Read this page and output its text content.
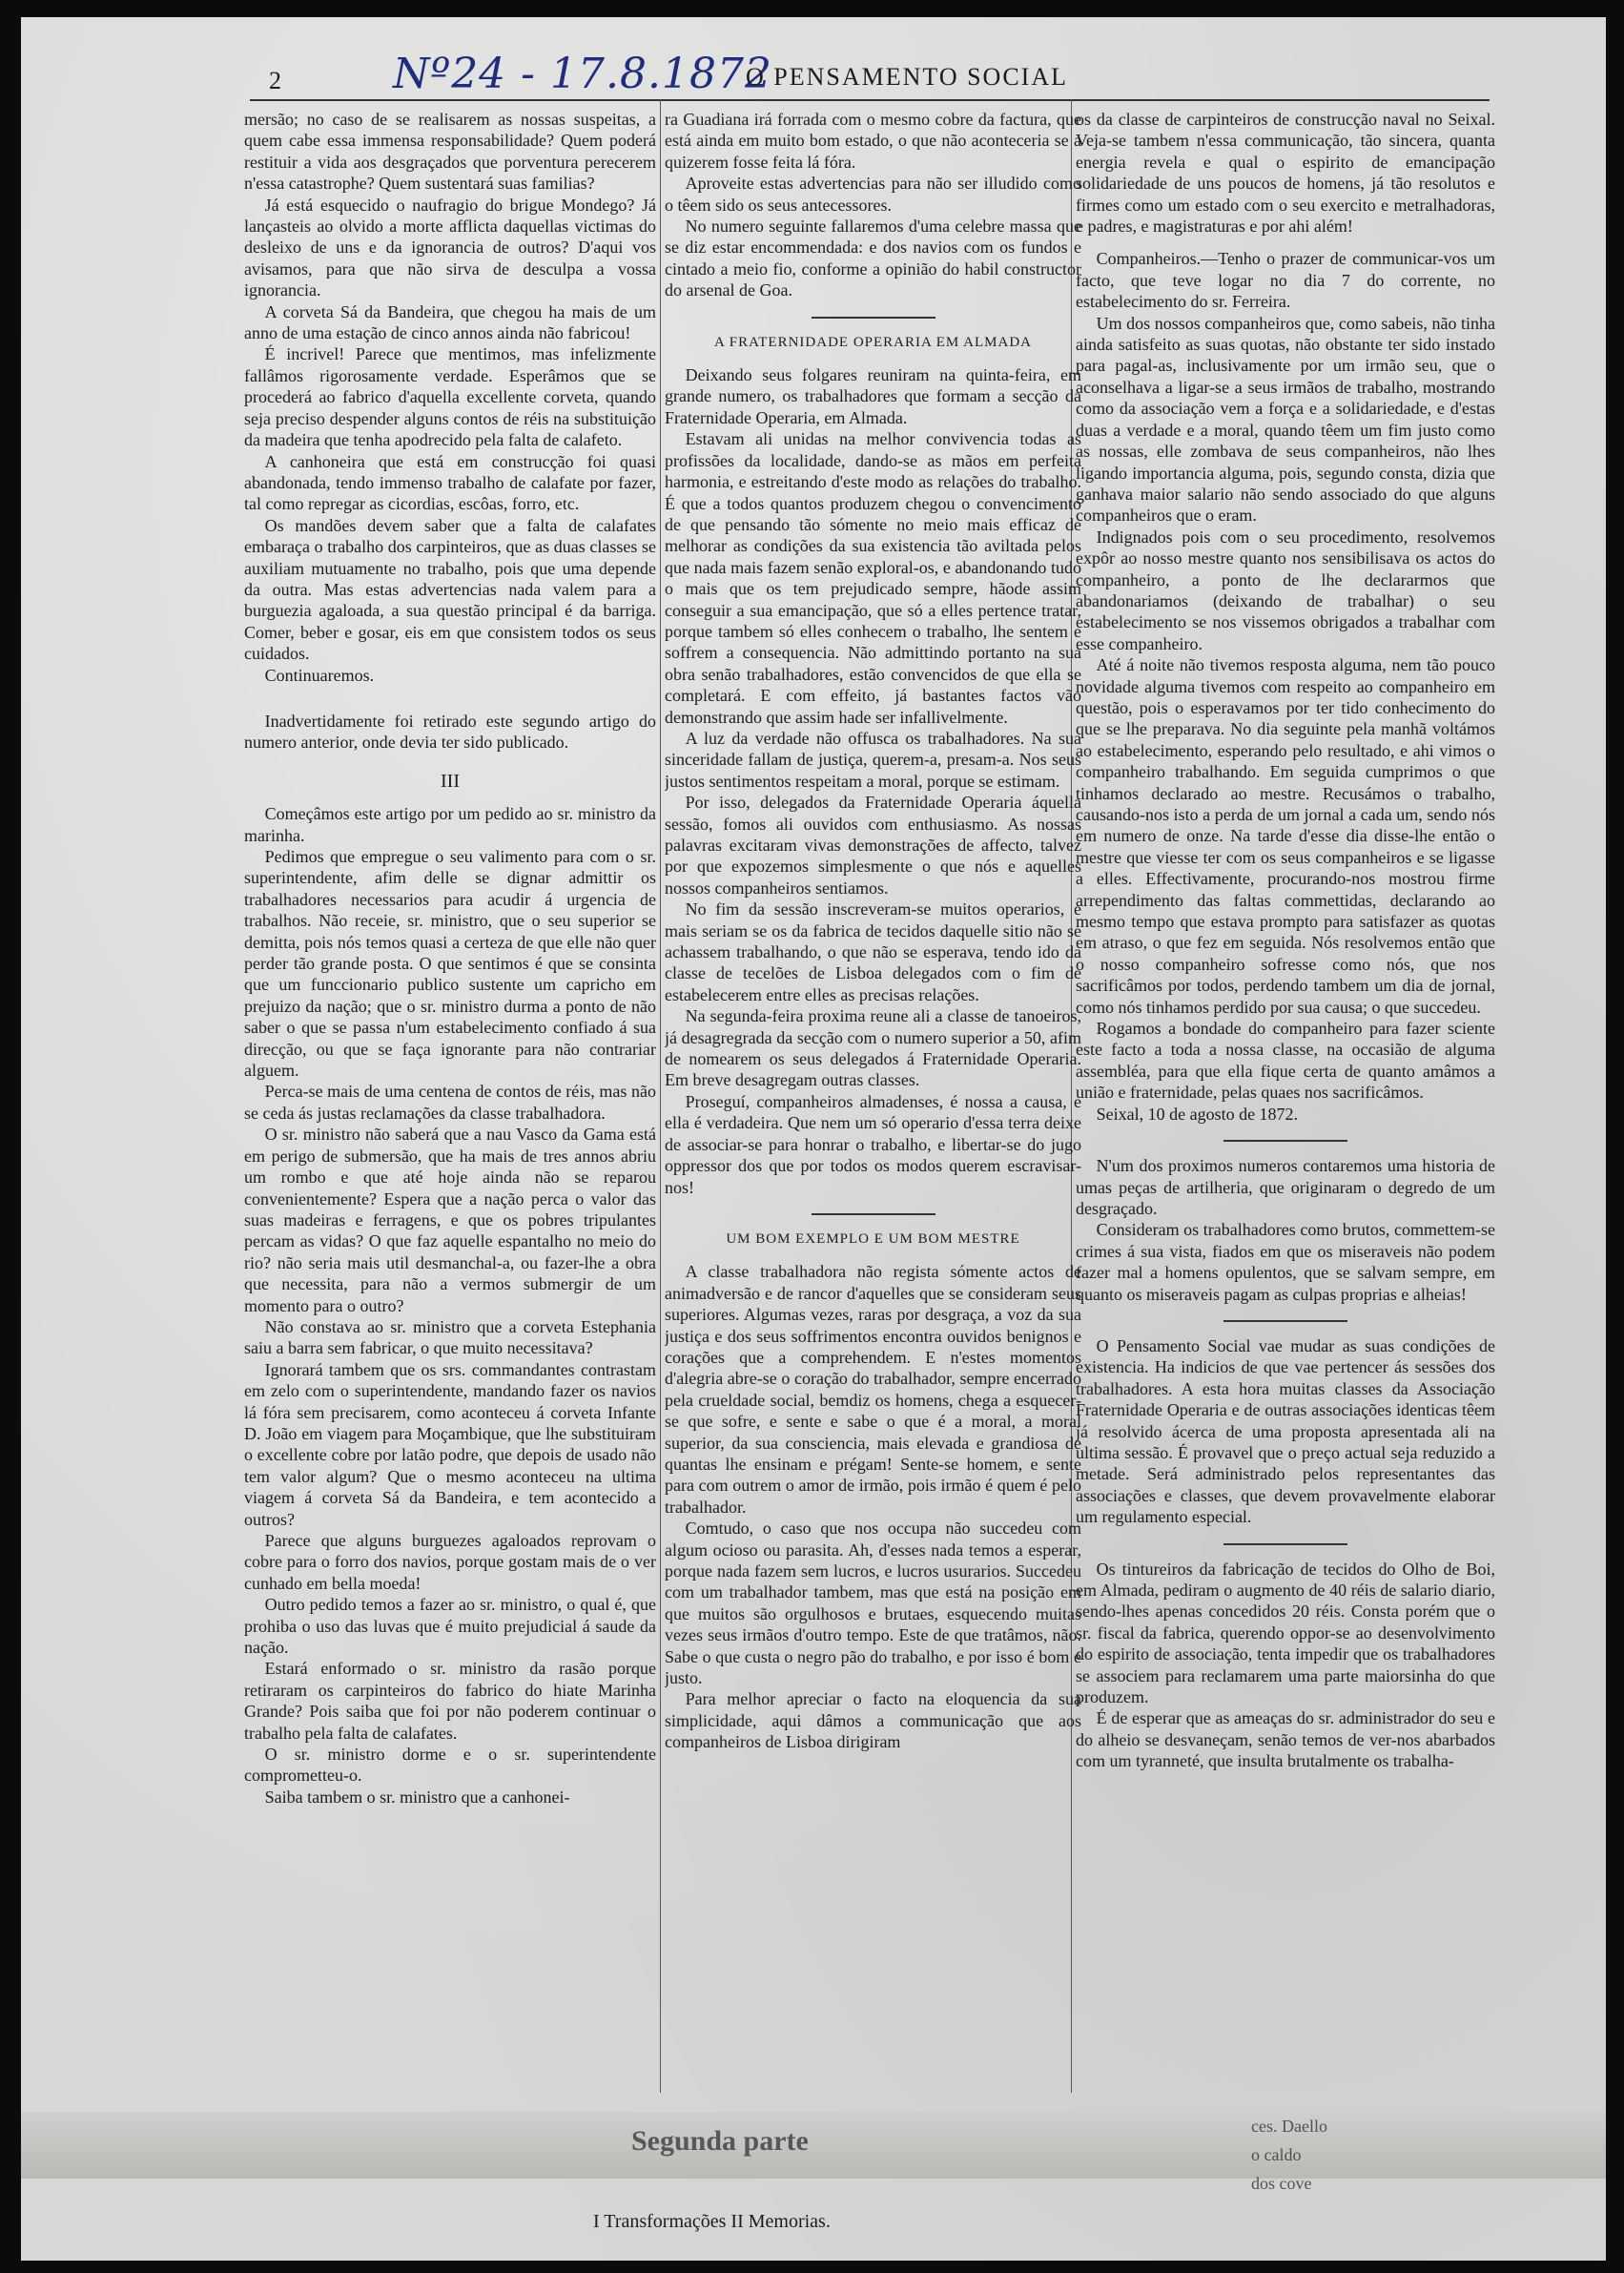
2	Nº24 - 17.8.1872
O PENSAMENTO SOCIAL

mersão; no caso de se realisarem as nossas suspeitas, a quem cabe essa immensa responsabilidade? Quem poderá restituir a vida aos desgraçados que porventura perecerem n'essa catastrophe? Quem sustentará suas familias?

Já está esquecido o naufragio do brigue Mondego? Já lançasteis ao olvido a morte afflicta daquellas victimas do desleixo de uns e da ignorancia de outros? D'aqui vos avisamos, para que não sirva de desculpa a vossa ignorancia.

A corveta Sá da Bandeira, que chegou ha mais de um anno de uma estação de cinco annos ainda não fabricou!

É incrivel! Parece que mentimos, mas infelizmente fallâmos rigorosamente verdade. Esperâmos que se procederá ao fabrico d'aquella excellente corveta, quando seja preciso despender alguns contos de réis na substituição da madeira que tenha apodrecido pela falta de calafeto.

A canhoneira que está em construcção foi quasi abandonada, tendo immenso trabalho de calafate por fazer, tal como repregar as cicordias, escôas, forro, etc.

Os mandões devem saber que a falta de calafates embaraça o trabalho dos carpinteiros, que as duas classes se auxiliam mutuamente no trabalho, pois que uma depende da outra. Mas estas advertencias nada valem para a burguezia agaloada, a sua questão principal é da barriga. Comer, beber e gosar, eis em que consistem todos os seus cuidados.

Continuaremos.

Inadvertidamente foi retirado este segundo artigo do numero anterior, onde devia ter sido publicado.

III

Começâmos este artigo por um pedido ao sr. ministro da marinha.

Pedimos que empregue o seu valimento para com o sr. superintendente, afim delle se dignar admittir os trabalhadores necessarios para acudir á urgencia de trabalhos. Não receie, sr. ministro, que o seu superior se demitta, pois nós temos quasi a certeza de que elle não quer perder tão grande posta. O que sentimos é que se consinta que um funccionario publico sustente um capricho em prejuizo da nação; que o sr. ministro durma a ponto de não saber o que se passa n'um estabelecimento confiado á sua direcção, ou que se faça ignorante para não contrariar alguem.

Perca-se mais de uma centena de contos de réis, mas não se ceda ás justas reclamações da classe trabalhadora.

O sr. ministro não saberá que a nau Vasco da Gama está em perigo de submersão, que ha mais de tres annos abriu um rombo e que até hoje ainda não se reparou convenientemente? Espera que a nação perca o valor das suas madeiras e ferragens, e que os pobres tripulantes percam as vidas? O que faz aquelle espantalho no meio do rio? não seria mais util desmanchal-a, ou fazer-lhe a obra que necessita, para não a vermos submergir de um momento para o outro?

Não constava ao sr. ministro que a corveta Estephania saiu a barra sem fabricar, o que muito necessitava?

Ignorará tambem que os srs. commandantes contrastam em zelo com o superintendente, mandando fazer os navios lá fóra sem precisarem, como aconteceu á corveta Infante D. João em viagem para Moçambique, que lhe substituiram o excellente cobre por latão podre, que depois de usado não tem valor algum? Que o mesmo aconteceu na ultima viagem á corveta Sá da Bandeira, e tem acontecido a outros?

Parece que alguns burguezes agaloados reprovam o cobre para o forro dos navios, porque gostam mais de o ver cunhado em bella moeda!

Outro pedido temos a fazer ao sr. ministro, o qual é, que prohiba o uso das luvas que é muito prejudicial á saude da nação.

Estará enformado o sr. ministro da rasão porque retiraram os carpinteiros do fabrico do hiate Marinha Grande? Pois saiba que foi por não poderem continuar o trabalho pela falta de calafates.

O sr. ministro dorme e o sr. superintendente comprometteu-o.

Saiba tambem o sr. ministro que a canhonei-

ra Guadiana irá forrada com o mesmo cobre da factura, que está ainda em muito bom estado, o que não aconteceria se a quizerem fosse feita lá fóra.

Aproveite estas advertencias para não ser illudido como o têem sido os seus antecessores.

No numero seguinte fallaremos d'uma celebre massa que se diz estar encommendada: e dos navios com os fundos e cintado a meio fio, conforme a opinião do habil constructor do arsenal de Goa.

A FRATERNIDADE OPERARIA EM ALMADA

Deixando seus folgares reuniram na quinta-feira, em grande numero, os trabalhadores que formam a secção da Fraternidade Operaria, em Almada.

Estavam ali unidas na melhor convivencia todas as profissões da localidade, dando-se as mãos em perfeita harmonia, e estreitando d'este modo as relações do trabalho. É que a todos quantos produzem chegou o convencimento de que pensando tão sómente no meio mais efficaz de melhorar as condições da sua existencia tão aviltada pelos que nada mais fazem senão exploral-os, e abandonando tudo o mais que os tem prejudicado sempre, hãode assim conseguir a sua emancipação, que só a elles pertence tratar, porque tambem só elles conhecem o trabalho, lhe sentem e soffrem a consequencia. Não admittindo portanto na sua obra senão trabalhadores, estão convencidos de que ella se completará. E com effeito, já bastantes factos vão demonstrando que assim hade ser infallivelmente.

A luz da verdade não offusca os trabalhadores. Na sua sinceridade fallam de justiça, querem-a, presam-a. Nos seus justos sentimentos respeitam a moral, porque se estimam.

Por isso, delegados da Fraternidade Operaria áquella sessão, fomos ali ouvidos com enthusiasmo. As nossas palavras excitaram vivas demonstrações de affecto, talvez por que expozemos simplesmente o que nós e aquelles nossos companheiros sentiamos.

No fim da sessão inscreveram-se muitos operarios, e mais seriam se os da fabrica de tecidos daquelle sitio não se achassem trabalhando, o que não se esperava, tendo ido da classe de tecelões de Lisboa delegados com o fim de estabelecerem entre elles as precisas relações.

Na segunda-feira proxima reune ali a classe de tanoeiros, já desagregrada da secção com o numero superior a 50, afim de nomearem os seus delegados á Fraternidade Operaria. Em breve desagregam outras classes.

Proseguí, companheiros almadenses, é nossa a causa, e ella é verdadeira. Que nem um só operario d'essa terra deixe de associar-se para honrar o trabalho, e libertar-se do jugo oppressor dos que por todos os modos querem escravisar-nos!

UM BOM EXEMPLO E UM BOM MESTRE

A classe trabalhadora não regista sómente actos de animadversão e de rancor d'aquelles que se consideram seus superiores. Algumas vezes, raras por desgraça, a voz da sua justiça e dos seus soffrimentos encontra ouvidos benignos e corações que a comprehendem. E n'estes momentos d'alegria abre-se o coração do trabalhador, sempre encerrado pela crueldade social, bemdiz os homens, chega a esquecer-se que sofre, e sente e sabe o que é a moral, a moral superior, da sua consciencia, mais elevada e grandiosa de quantas lhe ensinam e prégam! Sente-se homem, e sente para com outrem o amor de irmão, pois irmão é quem é pelo trabalhador.

Comtudo, o caso que nos occupa não succedeu com algum ocioso ou parasita. Ah, d'esses nada temos a esperar, porque nada fazem sem lucros, e lucros usurarios. Succedeu com um trabalhador tambem, mas que está na posição em que muitos são orgulhosos e brutaes, esquecendo muitas vezes seus irmãos d'outro tempo. Este de que tratâmos, não. Sabe o que custa o negro pão do trabalho, e por isso é bom e justo.

Para melhor apreciar o facto na eloquencia da sua simplicidade, aqui dâmos a communicação que aos companheiros de Lisboa dirigiram

os da classe de carpinteiros de construcção naval no Seixal. Veja-se tambem n'essa communicação, tão sincera, quanta energia revela e qual o espirito de emancipação solidariedade de uns poucos de homens, já tão resolutos e firmes como um estado com o seu exercito e metralhadoras, e padres, e magistraturas e por ahi além!

Companheiros.—Tenho o prazer de communicar-vos um facto, que teve logar no dia 7 do corrente, no estabelecimento do sr. Ferreira.

Um dos nossos companheiros que, como sabeis, não tinha ainda satisfeito as suas quotas, não obstante ter sido instado para pagal-as, inclusivamente por um irmão seu, que o aconselhava a ligar-se a seus irmãos de trabalho, mostrando como da associação vem a força e a solidariedade, e d'estas duas a verdade e a moral, quando têem um fim justo como as nossas, elle zombava de seus companheiros, não lhes ligando importancia alguma, pois, segundo consta, dizia que ganhava maior salario não sendo associado do que alguns companheiros que o eram.

Indignados pois com o seu procedimento, resolvemos expôr ao nosso mestre quanto nos sensibilisava os actos do companheiro, a ponto de lhe declararmos que abandonariamos (deixando de trabalhar) o seu estabelecimento se nos vissemos obrigados a trabalhar com esse companheiro.

Até á noite não tivemos resposta alguma, nem tão pouco novidade alguma tivemos com respeito ao companheiro em questão, pois o esperavamos por ter tido conhecimento do que se lhe preparava. No dia seguinte pela manhã voltámos ao estabelecimento, esperando pelo resultado, e ahi vimos o companheiro trabalhando. Em seguida cumprimos o que tinhamos declarado ao mestre. Recusámos o trabalho, causando-nos isto a perda de um jornal a cada um, sendo nós em numero de onze. Na tarde d'esse dia disse-lhe então o mestre que viesse ter com os seus companheiros e se ligasse a elles. Effectivamente, procurando-nos mostrou firme arrependimento das faltas commettidas, declarando ao mesmo tempo que estava prompto para satisfazer as quotas em atraso, o que fez em seguida. Nós resolvemos então que o nosso companheiro sofresse como nós, que nos sacrificâmos por todos, perdendo tambem um dia de jornal, como nós tinhamos perdido por sua causa; o que succedeu.

Rogamos a bondade do companheiro para fazer sciente este facto a toda a nossa classe, na occasião de alguma assembléa, para que ella fique certa de quanto amâmos a união e fraternidade, pelas quaes nos sacrificâmos.

Seixal, 10 de agosto de 1872.

N'um dos proximos numeros contaremos uma historia de umas peças de artilheria, que originaram o degredo de um desgraçado.

Consideram os trabalhadores como brutos, commettem-se crimes á sua vista, fiados em que os miseraveis não podem fazer mal a homens opulentos, que se salvam sempre, em quanto os miseraveis pagam as culpas proprias e alheias!

O Pensamento Social vae mudar as suas condições de existencia. Ha indicios de que vae pertencer ás sessões dos trabalhadores. A esta hora muitas classes da Associação Fraternidade Operaria e de outras associações identicas têem já resolvido ácerca de uma proposta apresentada ali na ultima sessão. É provavel que o preço actual seja reduzido a metade. Será administrado pelos representantes das associações e classes, que devem provavelmente elaborar um regulamento especial.

Os tintureiros da fabricação de tecidos do Olho de Boi, em Almada, pediram o augmento de 40 réis de salario diario, sendo-lhes apenas concedidos 20 réis. Consta porém que o sr. fiscal da fabrica, querendo oppor-se ao desenvolvimento do espirito de associação, tenta impedir que os trabalhadores se associem para reclamarem uma parte maiorsinha do que produzem.

É de esperar que as ameaças do sr. administrador do seu e do alheio se desvaneçam, senão temos de ver-nos abarbados com um tyranneté, que insulta brutalmente os trabalha-

Segunda parte	ces. Daello
o caldo
dos cove
I Transformações II Memorias.
